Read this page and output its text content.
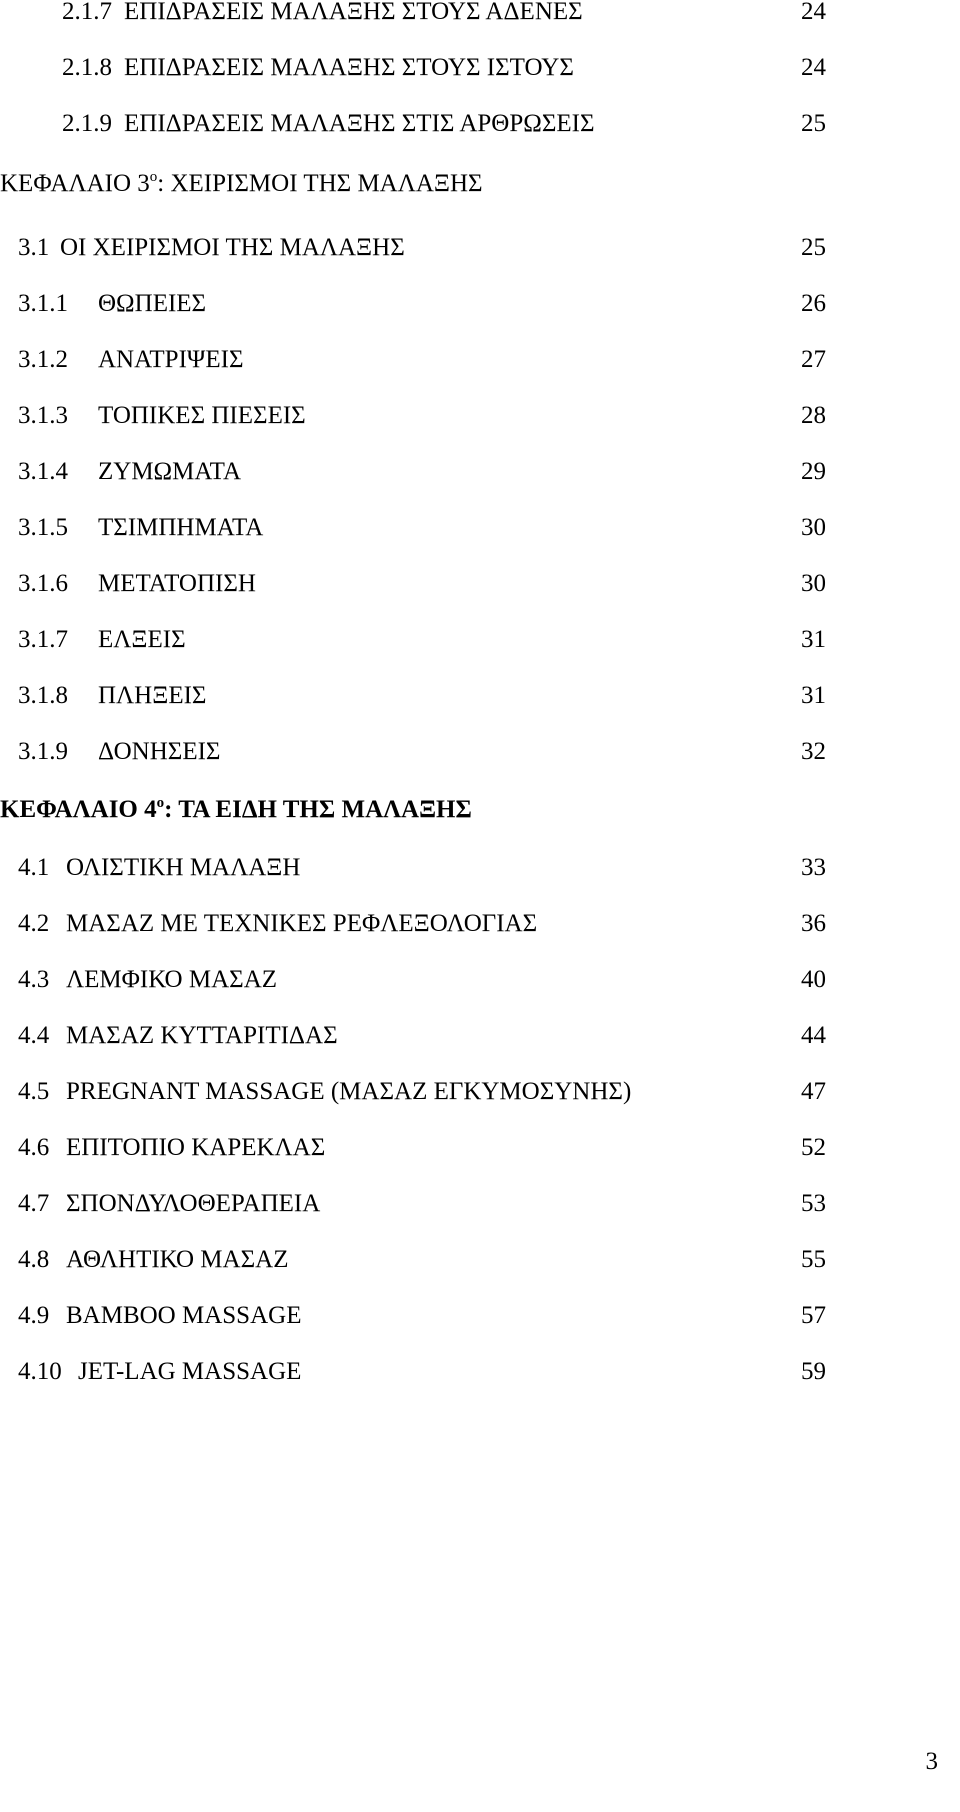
2.1.7 ΕΠΙΔΡΑΣΕΙΣ ΜΑΛΑΞΗΣ ΣΤΟΥΣ ΑΔΕΝΕΣ	24
2.1.8 ΕΠΙΔΡΑΣΕΙΣ ΜΑΛΑΞΗΣ ΣΤΟΥΣ ΙΣΤΟΥΣ	24
2.1.9 ΕΠΙΔΡΑΣΕΙΣ ΜΑΛΑΞΗΣ ΣΤΙΣ ΑΡΘΡΩΣΕΙΣ	25
ΚΕΦΑΛΑΙΟ $3^o$: ΧΕΙΡΙΣΜΟΙ ΤΗΣ ΜΑΛΑΞΗΣ
3.1 ΟΙ ΧΕΙΡΙΣΜΟΙ ΤΗΣ ΜΑΛΑΞΗΣ	25
3.1.1 ΘΩΠΕΙΕΣ	26
3.1.2 ΑΝΑΤΡΙΨΕΙΣ	27
3.1.3 ΤΟΠΙΚΕΣ ΠΙΕΣΕΙΣ	28
3.1.4 ΖΥΜΩΜΑΤΑ	29
3.1.5 ΤΣΙΜΠΗΜΑΤΑ	30
3.1.6 ΜΕΤΑΤΟΠΙΣΗ	30
3.1.7 ΕΛΞΕΙΣ	31
3.1.8 ΠΛΗΞΕΙΣ	31
3.1.9 ΔΟΝΗΣΕΙΣ	32
ΚΕΦΑΛΑΙΟ $4^o$: ΤΑ ΕΙΔΗ ΤΗΣ ΜΑΛΑΞΗΣ
4.1 ΟΛΙΣΤΙΚΗ ΜΑΛΑΞΗ	33
4.2 ΜΑΣΑΖ ΜΕ ΤΕΧΝΙΚΕΣ ΡΕΦΛΕΞΟΛΟΓΙΑΣ	36
4.3 ΛΕΜΦΙΚΟ ΜΑΣΑΖ	40
4.4 ΜΑΣΑΖ ΚΥΤΤΑΡΙΤΙΔΑΣ	44
4.5 PREGNANT MASSAGE (ΜΑΣΑΖ ΕΓΚΥΜΟΣΥΝΗΣ)	47
4.6 ΕΠΙΤΟΠΙΟ ΚΑΡΕΚΛΑΣ	52
4.7 ΣΠΟΝΔΥΛΟΘΕΡΑΠΕΙΑ	53
4.8 ΑΘΛΗΤΙΚΟ ΜΑΣΑΖ	55
4.9 BAMBOO MASSAGE	57
4.10 JET-LAG MASSAGE	59
3
